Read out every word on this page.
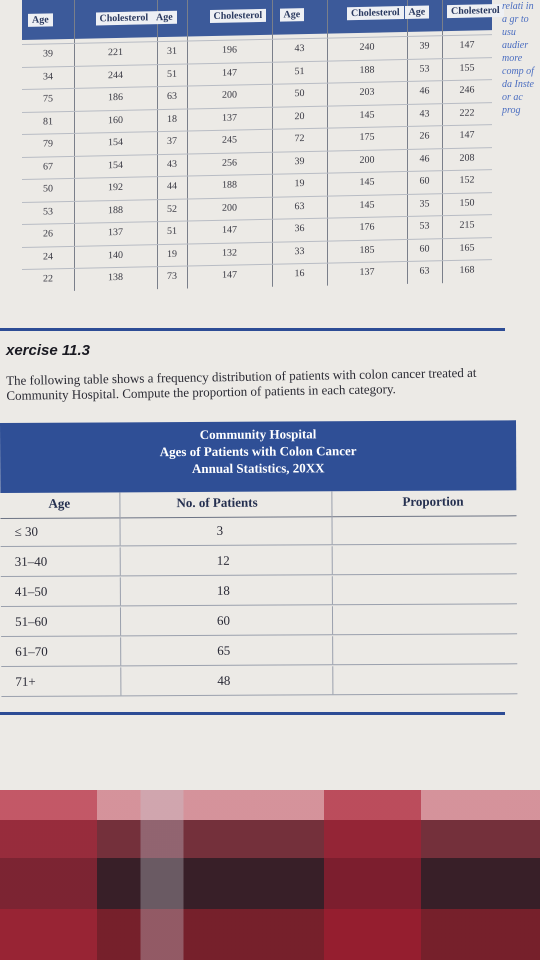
Age	Cholesterol Age	Cholesterol	Age	Cholesterol Age	Cholesterol
39	221	31	196	43	240	39	147
34	244	51	147	51	188	53	155
75	186	63	200	50	203	46	246
81	160	18	137	20	145	43	222
79	154	37	245	72	175	26	147
67	154	43	256	39	200	46	208
50	192	44	188	19	145	60	152
53	188	52	200	63	145	35	150
26	137	51	147	36	176	53	215
24	140	19	132	33	185	60	165
22	138	73	147	16	137	63	168
relati in a gr to usu audier more comp of da Inste or ac prog
xercise 11.3
The following table shows a frequency distribution of patients with colon cancer treated at Community Hospital. Compute the proportion of patients in each category.
Community Hospital
Ages of Patients with Colon Cancer
Annual Statistics, 20XX
Age	No. of Patients	Proportion
≤ 30	3
31–40	12
41–50	18
51–60	60
61–70	65
71+	48
